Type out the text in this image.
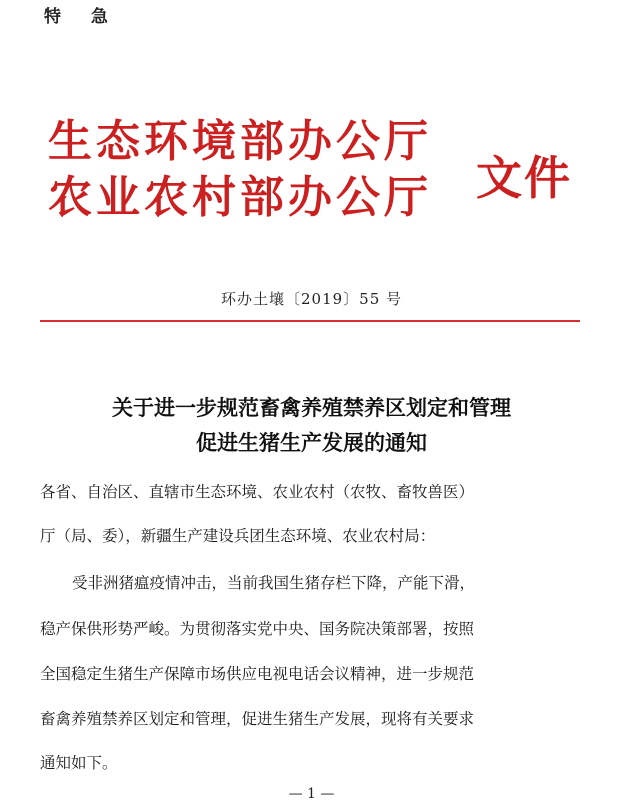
特 急
生态环境部办公厅
农业农村部办公厅 文件
环办土壤〔2019〕55 号
关于进一步规范畜禽养殖禁养区划定和管理
促进生猪生产发展的通知
各省、自治区、直辖市生态环境、农业农村（农牧、畜牧兽医）
厅（局、委），新疆生产建设兵团生态环境、农业农村局：
受非洲猪瘟疫情冲击，当前我国生猪存栏下降，产能下滑，
稳产保供形势严峻。为贯彻落实党中央、国务院决策部署，按照
全国稳定生猪生产保障市场供应电视电话会议精神，进一步规范
畜禽养殖禁养区划定和管理，促进生猪生产发展，现将有关要求
通知如下。
— 1 —
